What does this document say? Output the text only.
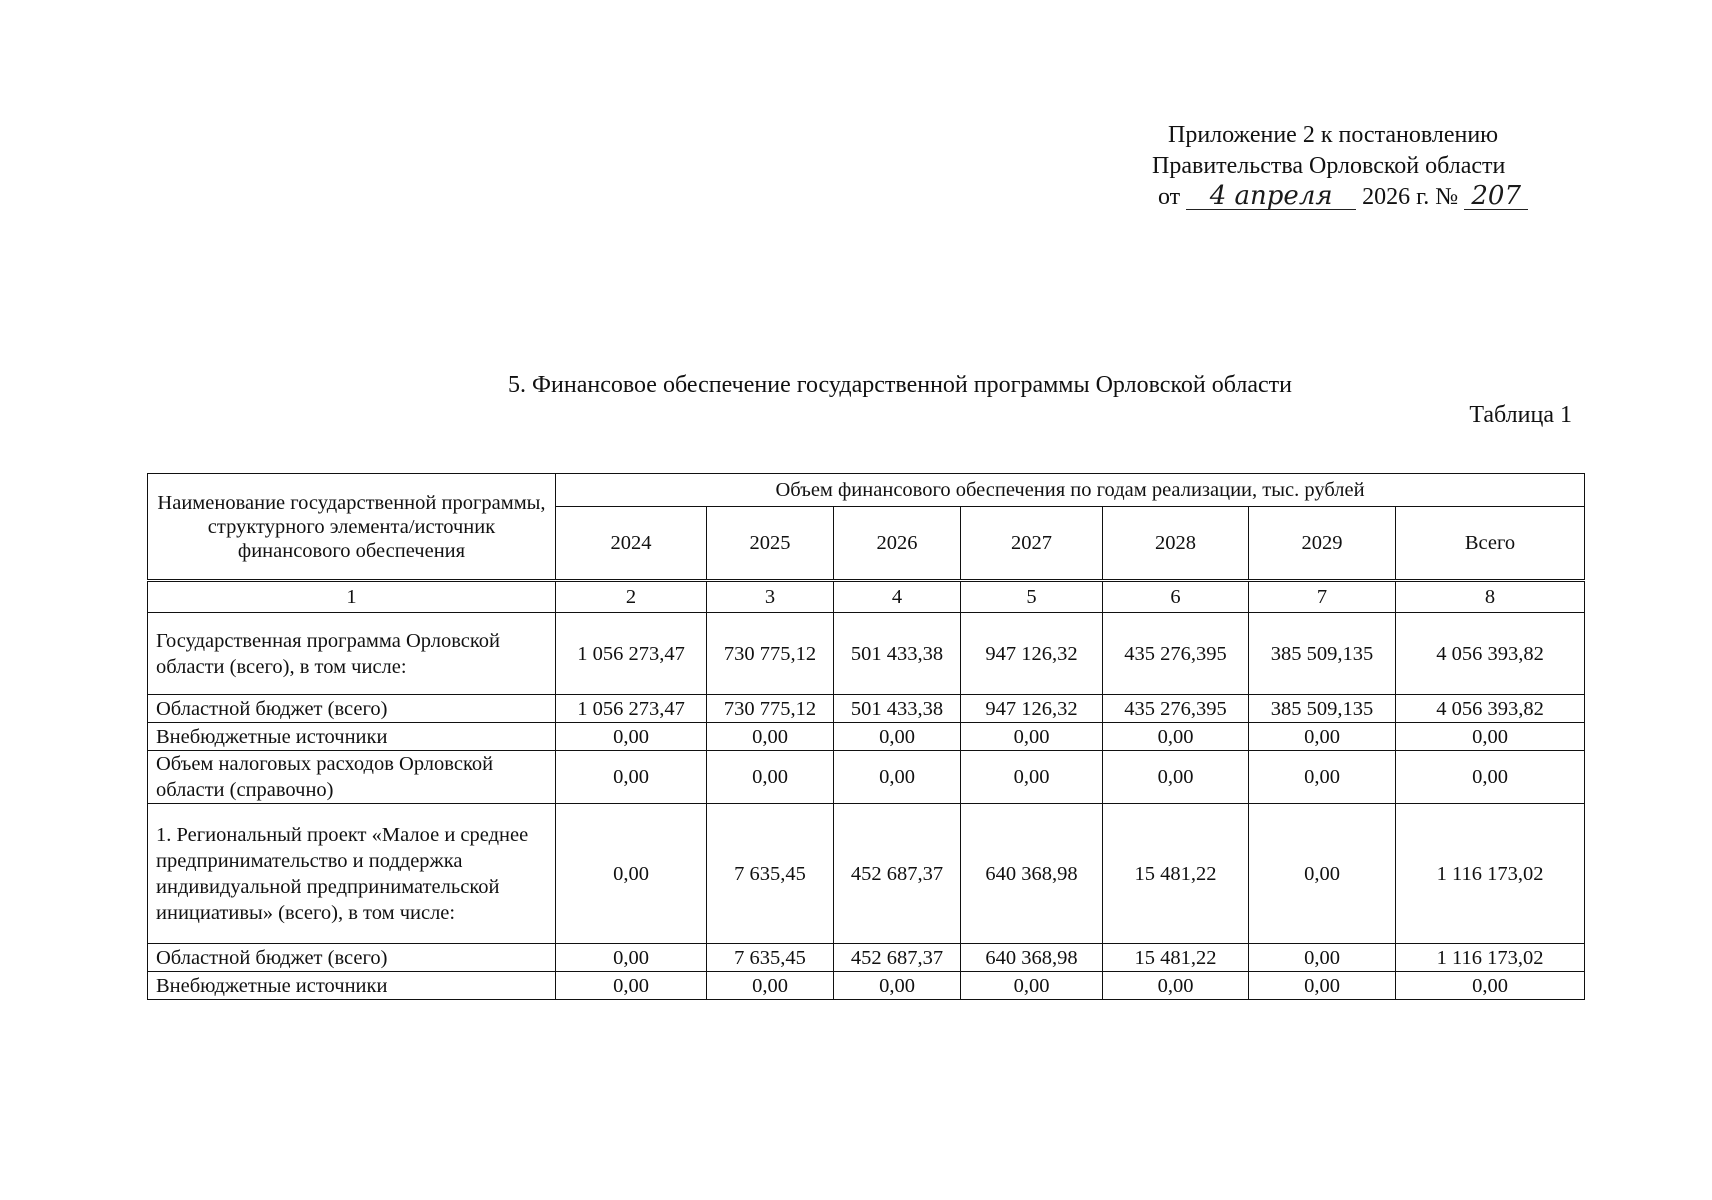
Приложение 2 к постановлению
Правительства Орловской области
от 4 апреля 2026 г. № 207
5. Финансовое обеспечение государственной программы Орловской области
Таблица 1
Наименование государственной программы, структурного элемента/источник финансового обеспечения	Объем финансового обеспечения по годам реализации, тыс. рублей						
	2024	2025	2026	2027	2028	2029	Всего
1	2	3	4	5	6	7	8
Государственная программа Орловской области (всего), в том числе:	1 056 273,47	730 775,12	501 433,38	947 126,32	435 276,395	385 509,135	4 056 393,82
Областной бюджет (всего)	1 056 273,47	730 775,12	501 433,38	947 126,32	435 276,395	385 509,135	4 056 393,82
Внебюджетные источники	0,00	0,00	0,00	0,00	0,00	0,00	0,00
Объем налоговых расходов Орловской области (справочно)	0,00	0,00	0,00	0,00	0,00	0,00	0,00
1. Региональный проект «Малое и среднее предпринимательство и поддержка индивидуальной предпринимательской инициативы» (всего), в том числе:	0,00	7 635,45	452 687,37	640 368,98	15 481,22	0,00	1 116 173,02
Областной бюджет (всего)	0,00	7 635,45	452 687,37	640 368,98	15 481,22	0,00	1 116 173,02
Внебюджетные источники	0,00	0,00	0,00	0,00	0,00	0,00	0,00
